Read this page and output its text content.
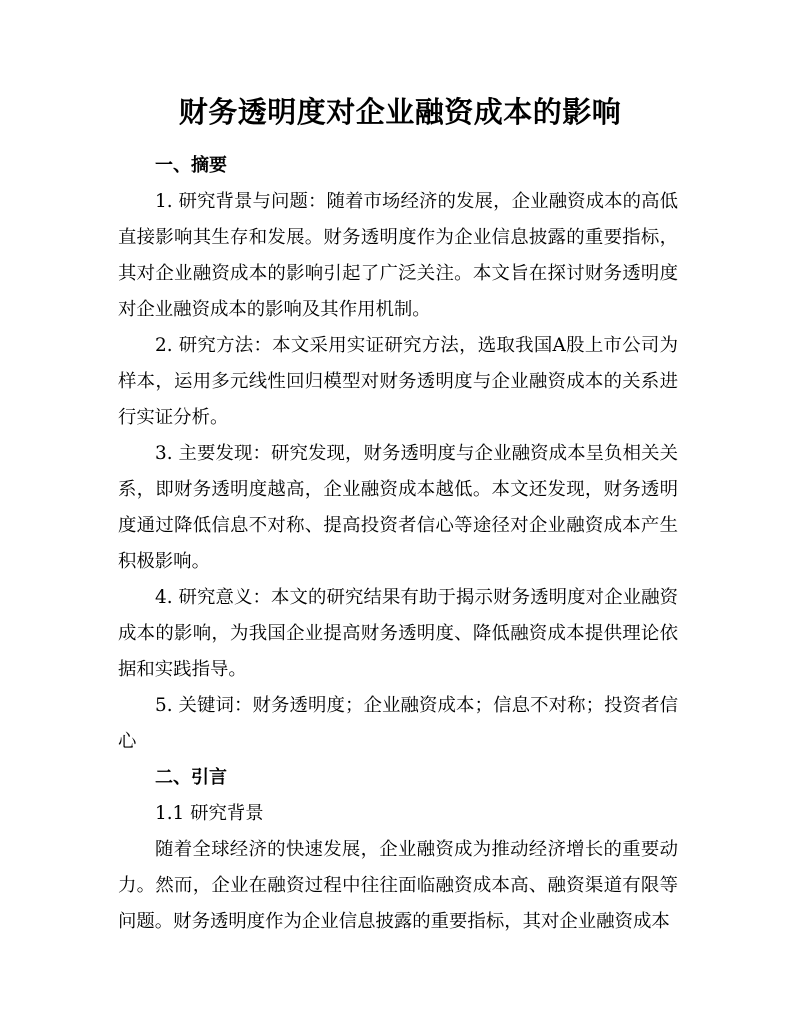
财务透明度对企业融资成本的影响

一、摘要

1. 研究背景与问题：随着市场经济的发展，企业融资成本的高低直接影响其生存和发展。财务透明度作为企业信息披露的重要指标，其对企业融资成本的影响引起了广泛关注。本文旨在探讨财务透明度对企业融资成本的影响及其作用机制。

2. 研究方法：本文采用实证研究方法，选取我国A股上市公司为样本，运用多元线性回归模型对财务透明度与企业融资成本的关系进行实证分析。

3. 主要发现：研究发现，财务透明度与企业融资成本呈负相关关系，即财务透明度越高，企业融资成本越低。本文还发现，财务透明度通过降低信息不对称、提高投资者信心等途径对企业融资成本产生积极影响。

4. 研究意义：本文的研究结果有助于揭示财务透明度对企业融资成本的影响，为我国企业提高财务透明度、降低融资成本提供理论依据和实践指导。

5. 关键词：财务透明度；企业融资成本；信息不对称；投资者信心

二、引言

1.1 研究背景

随着全球经济的快速发展，企业融资成为推动经济增长的重要动力。然而，企业在融资过程中往往面临融资成本高、融资渠道有限等问题。财务透明度作为企业信息披露的重要指标，其对企业融资成本
